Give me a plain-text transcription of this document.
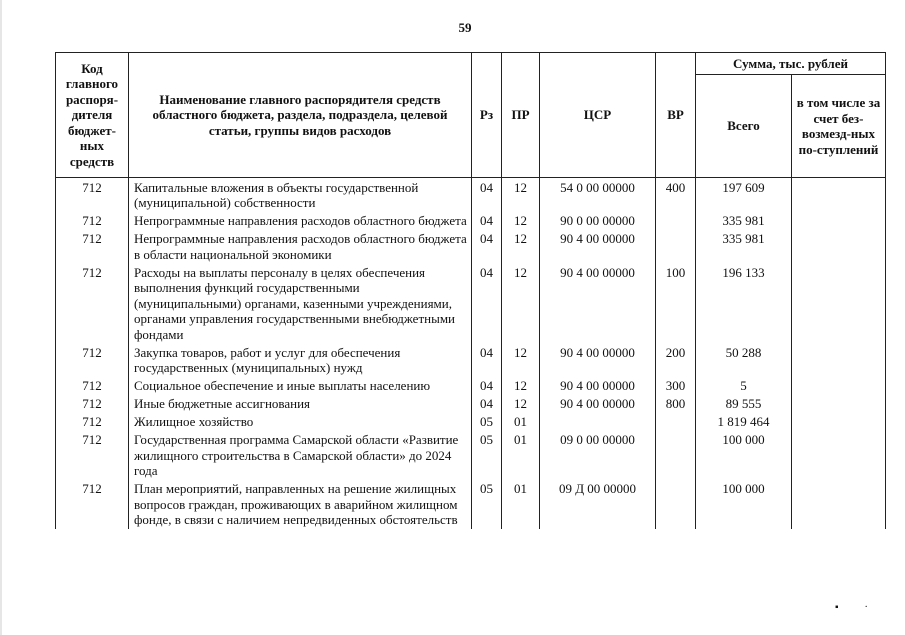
59
Код главного распоря-дителя бюджет-ных средств	Наименование главного распорядителя средств областного бюджета, раздела, подраздела, целевой статьи, группы видов расходов	Рз	ПР	ЦСР	ВР	Сумма, тыс. рублей	
						Всего	в том числе за счет без-возмезд-ных по-ступлений
712	Капитальные вложения в объекты государственной (муниципальной) собственности	04	12	54 0 00 00000	400	197 609	
712	Непрограммные направления расходов областного бюджета	04	12	90 0 00 00000		335 981	
712	Непрограммные направления расходов областного бюджета в области национальной экономики	04	12	90 4 00 00000		335 981	
712	Расходы на выплаты персоналу в целях обеспечения выполнения функций государственными (муниципальными) органами, казенными учреждениями, органами управления государственными внебюджетными фондами	04	12	90 4 00 00000	100	196 133	
712	Закупка товаров, работ и услуг для обеспечения государственных (муниципальных) нужд	04	12	90 4 00 00000	200	50 288	
712	Социальное обеспечение и иные выплаты населению	04	12	90 4 00 00000	300	5	
712	Иные бюджетные ассигнования	04	12	90 4 00 00000	800	89 555	
712	Жилищное хозяйство	05	01			1 819 464	
712	Государственная программа Самарской области «Развитие жилищного строительства в Самарской области» до 2024 года	05	01	09 0 00 00000		100 000	
712	План мероприятий, направленных на решение жилищных вопросов граждан, проживающих в аварийном жилищном фонде, в связи с наличием непредвиденных обстоятельств	05	01	09 Д 00 00000		100 000	
▪·
